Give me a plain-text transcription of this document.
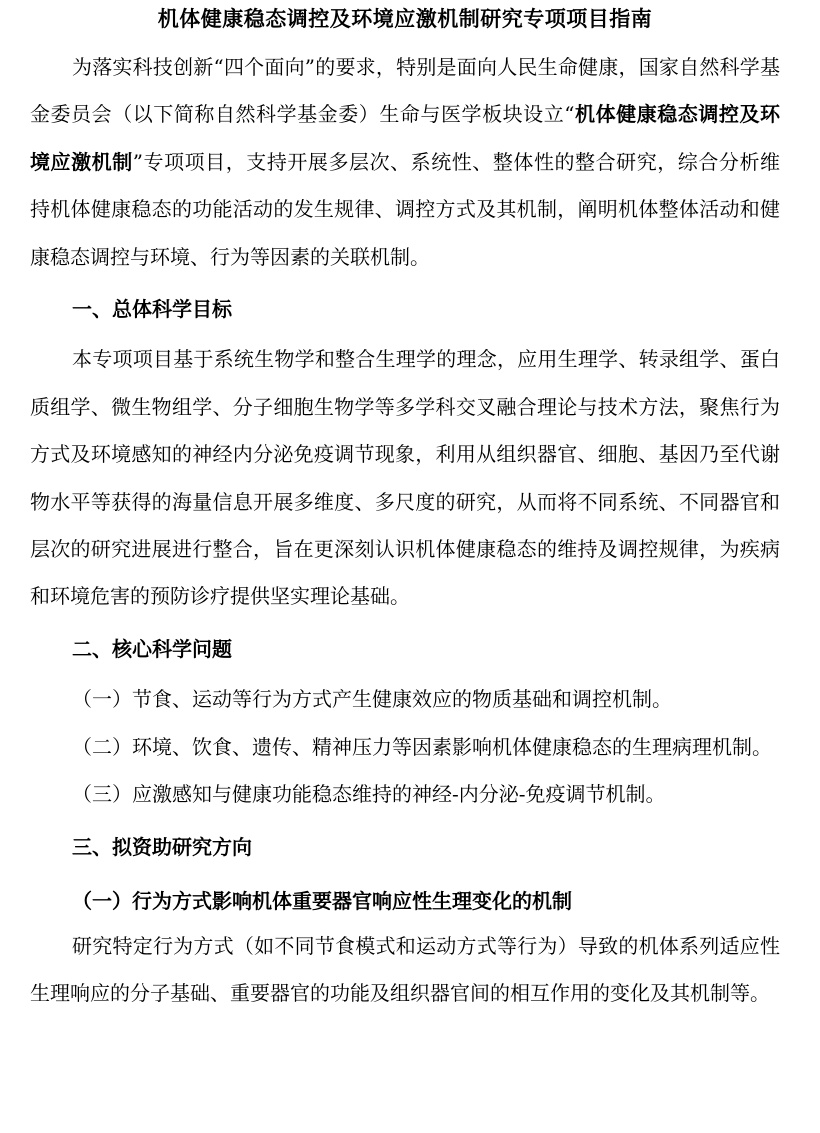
机体健康稳态调控及环境应激机制研究专项项目指南

为落实科技创新“四个面向”的要求，特别是面向人民生命健康，国家自然科学基金委员会（以下简称自然科学基金委）生命与医学板块设立“机体健康稳态调控及环境应激机制”专项项目，支持开展多层次、系统性、整体性的整合研究，综合分析维持机体健康稳态的功能活动的发生规律、调控方式及其机制，阐明机体整体活动和健康稳态调控与环境、行为等因素的关联机制。

一、总体科学目标

本专项项目基于系统生物学和整合生理学的理念，应用生理学、转录组学、蛋白质组学、微生物组学、分子细胞生物学等多学科交叉融合理论与技术方法，聚焦行为方式及环境感知的神经内分泌免疫调节现象，利用从组织器官、细胞、基因乃至代谢物水平等获得的海量信息开展多维度、多尺度的研究，从而将不同系统、不同器官和层次的研究进展进行整合，旨在更深刻认识机体健康稳态的维持及调控规律，为疾病和环境危害的预防诊疗提供坚实理论基础。

二、核心科学问题

（一）节食、运动等行为方式产生健康效应的物质基础和调控机制。

（二）环境、饮食、遗传、精神压力等因素影响机体健康稳态的生理病理机制。

（三）应激感知与健康功能稳态维持的神经-内分泌-免疫调节机制。

三、拟资助研究方向
（一）行为方式影响机体重要器官响应性生理变化的机制

研究特定行为方式（如不同节食模式和运动方式等行为）导致的机体系列适应性生理响应的分子基础、重要器官的功能及组织器官间的相互作用的变化及其机制等。
